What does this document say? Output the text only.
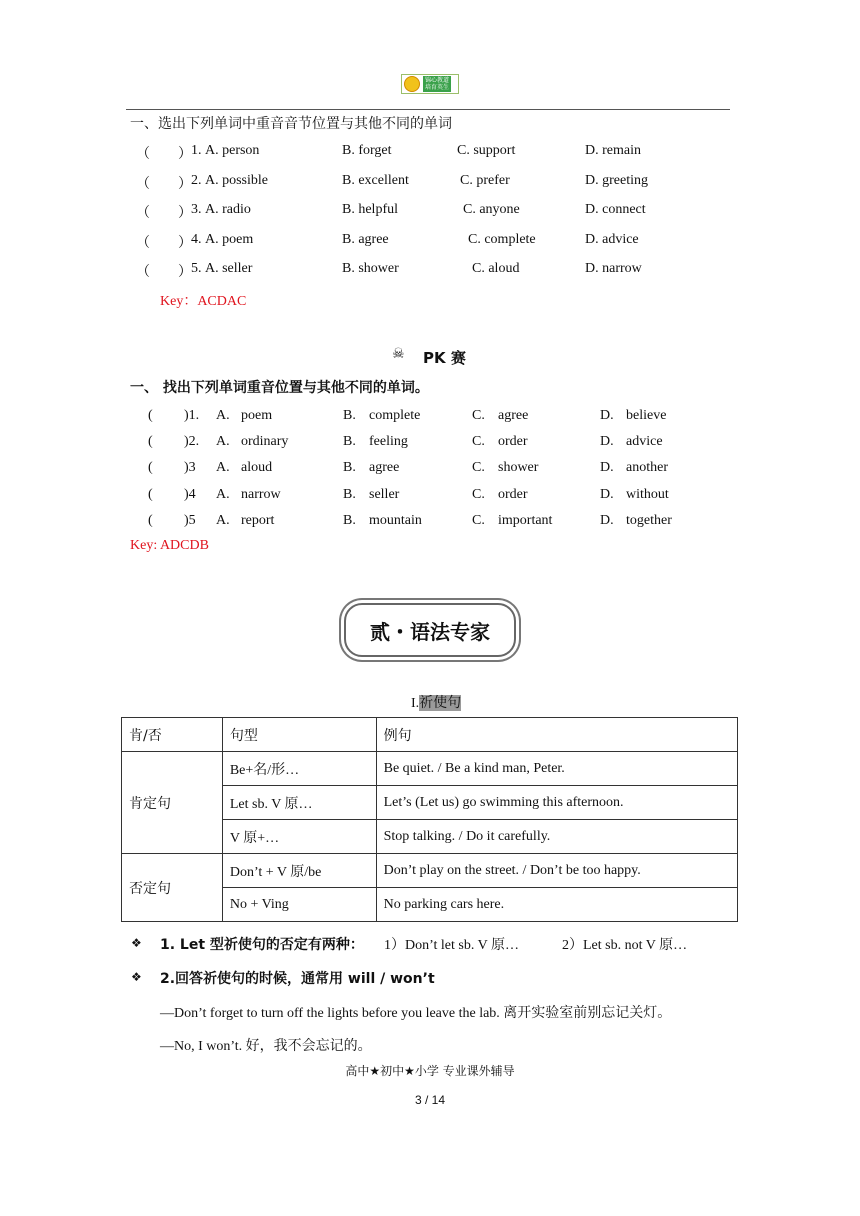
锦心教道
培育英生
一、选出下列单词中重音音节位置与其他不同的单词
（　　） 1. A. person	B. forget	C. support	D. remain
（　　） 2. A. possible	B. excellent	C. prefer	D. greeting
（　　） 3. A. radio	B. helpful	C. anyone	D. connect
（　　） 4. A. poem	B. agree	C. complete	D. advice
（　　） 5. A. seller	B. shower	C. aloud	D. narrow
Key：ACDAC
☠ PK 赛
一、 找出下列单词重音位置与其他不同的单词。
( )1. A. poem	B. complete	C. agree	D. believe
( )2. A. ordinary	B. feeling	C. order	D. advice
( )3 A. aloud	B. agree	C. shower	D. another
( )4 A. narrow	B. seller	C. order	D. without
( )5 A. report	B. mountain	C. important	D. together
Key: ADCDB
贰・语法专家
I.祈使句
肯/否	句型	例句
肯定句	Be+名/形…	Be quiet. / Be a kind man, Peter.
	Let sb. V 原…	Let’s (Let us) go swimming this afternoon.
	V 原+…	Stop talking. / Do it carefully.
否定句	Don’t + V 原/be	Don’t play on the street. / Don’t be too happy.
	No + Ving	No parking cars here.
❖ 1. Let 型祈使句的否定有两种： 1）Don’t let sb. V 原…	2）Let sb. not V 原…
❖ 2.回答祈使句的时候，通常用 will / won’t
—Don’t forget to turn off the lights before you leave the lab. 离开实验室前别忘记关灯。
—No, I won’t. 好，我不会忘记的。
高中★初中★小学 专业课外辅导
3 / 14
